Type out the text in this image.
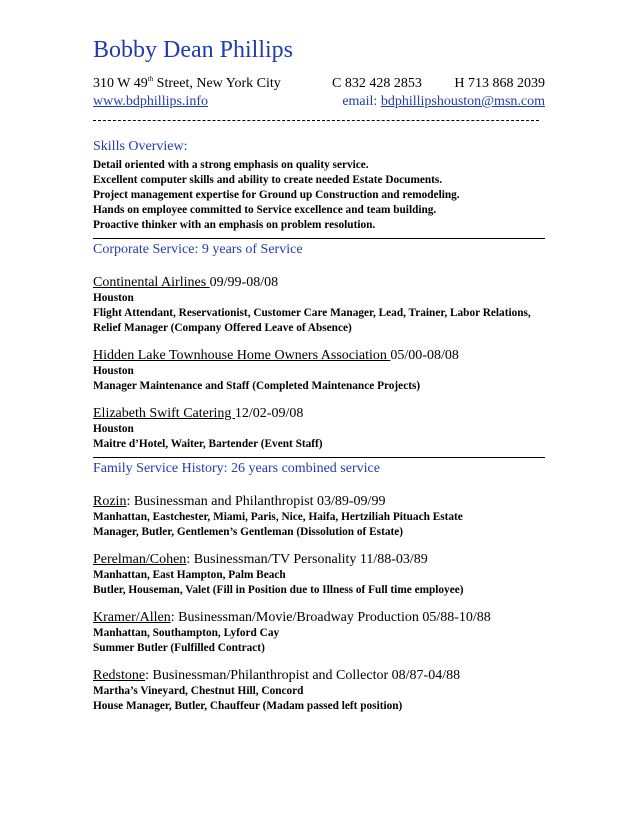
Bobby Dean Phillips
310 W 49th Street, New York City	C 832 428 2853 H 713 868 2039
www.bdphillips.info	email: bdphillipshouston@msn.com
Skills Overview:
Detail oriented with a strong emphasis on quality service.
Excellent computer skills and ability to create needed Estate Documents.
Project management expertise for Ground up Construction and remodeling.
Hands on employee committed to Service excellence and team building.
Proactive thinker with an emphasis on problem resolution.
Corporate Service: 9 years of Service
Continental Airlines 09/99-08/08
Houston
Flight Attendant, Reservationist, Customer Care Manager, Lead, Trainer, Labor Relations, Relief Manager (Company Offered Leave of Absence)
Hidden Lake Townhouse Home Owners Association 05/00-08/08
Houston
Manager Maintenance and Staff (Completed Maintenance Projects)
Elizabeth Swift Catering 12/02-09/08
Houston
Maitre d’Hotel, Waiter, Bartender (Event Staff)
Family Service History: 26 years combined service
Rozin: Businessman and Philanthropist 03/89-09/99
Manhattan, Eastchester, Miami, Paris, Nice, Haifa, Hertziliah Pituach Estate
Manager, Butler, Gentlemen’s Gentleman (Dissolution of Estate)
Perelman/Cohen: Businessman/TV Personality 11/88-03/89
Manhattan, East Hampton, Palm Beach
Butler, Houseman, Valet (Fill in Position due to Illness of Full time employee)
Kramer/Allen: Businessman/Movie/Broadway Production 05/88-10/88
Manhattan, Southampton, Lyford Cay
Summer Butler (Fulfilled Contract)
Redstone: Businessman/Philanthropist and Collector 08/87-04/88
Martha’s Vineyard, Chestnut Hill, Concord
House Manager, Butler, Chauffeur (Madam passed left position)
